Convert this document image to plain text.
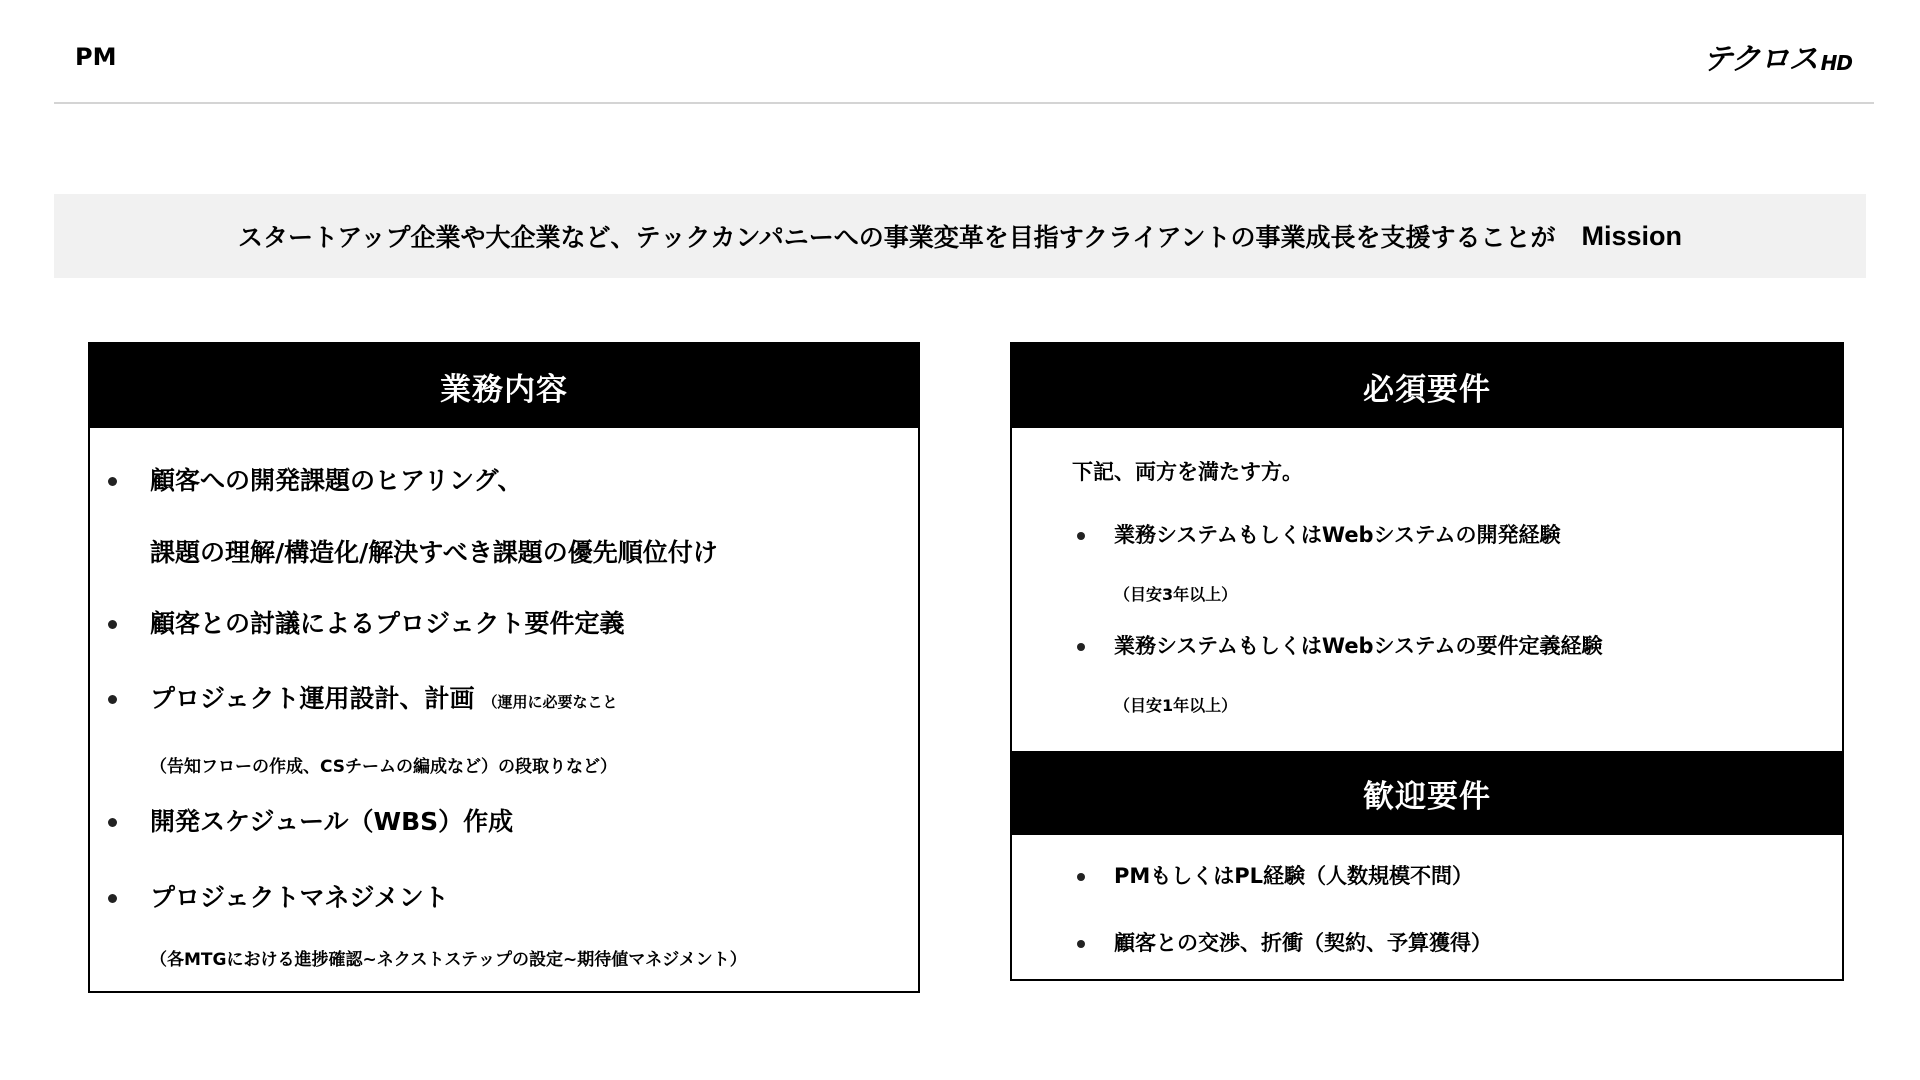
PM	テクロス HD
スタートアップ企業や大企業など、テックカンパニーへの事業変革を目指すクライアントの事業成長を支援することが Mission
業務内容
顧客への開発課題のヒアリング、
課題の理解/構造化/解決すべき課題の優先順位付け
顧客との討議によるプロジェクト要件定義
プロジェクト運用設計、計画 （運用に必要なこと
（告知フローの作成、CSチームの編成など）の段取りなど）
開発スケジュール（WBS）作成
プロジェクトマネジメント
（各MTGにおける進捗確認~ネクストステップの設定~期待値マネジメント）
必須要件
下記、両方を満たす方。
業務システムもしくはWebシステムの開発経験
（目安3年以上）
業務システムもしくはWebシステムの要件定義経験
（目安1年以上）
歓迎要件
PMもしくはPL経験（人数規模不問）
顧客との交渉、折衝（契約、予算獲得）
